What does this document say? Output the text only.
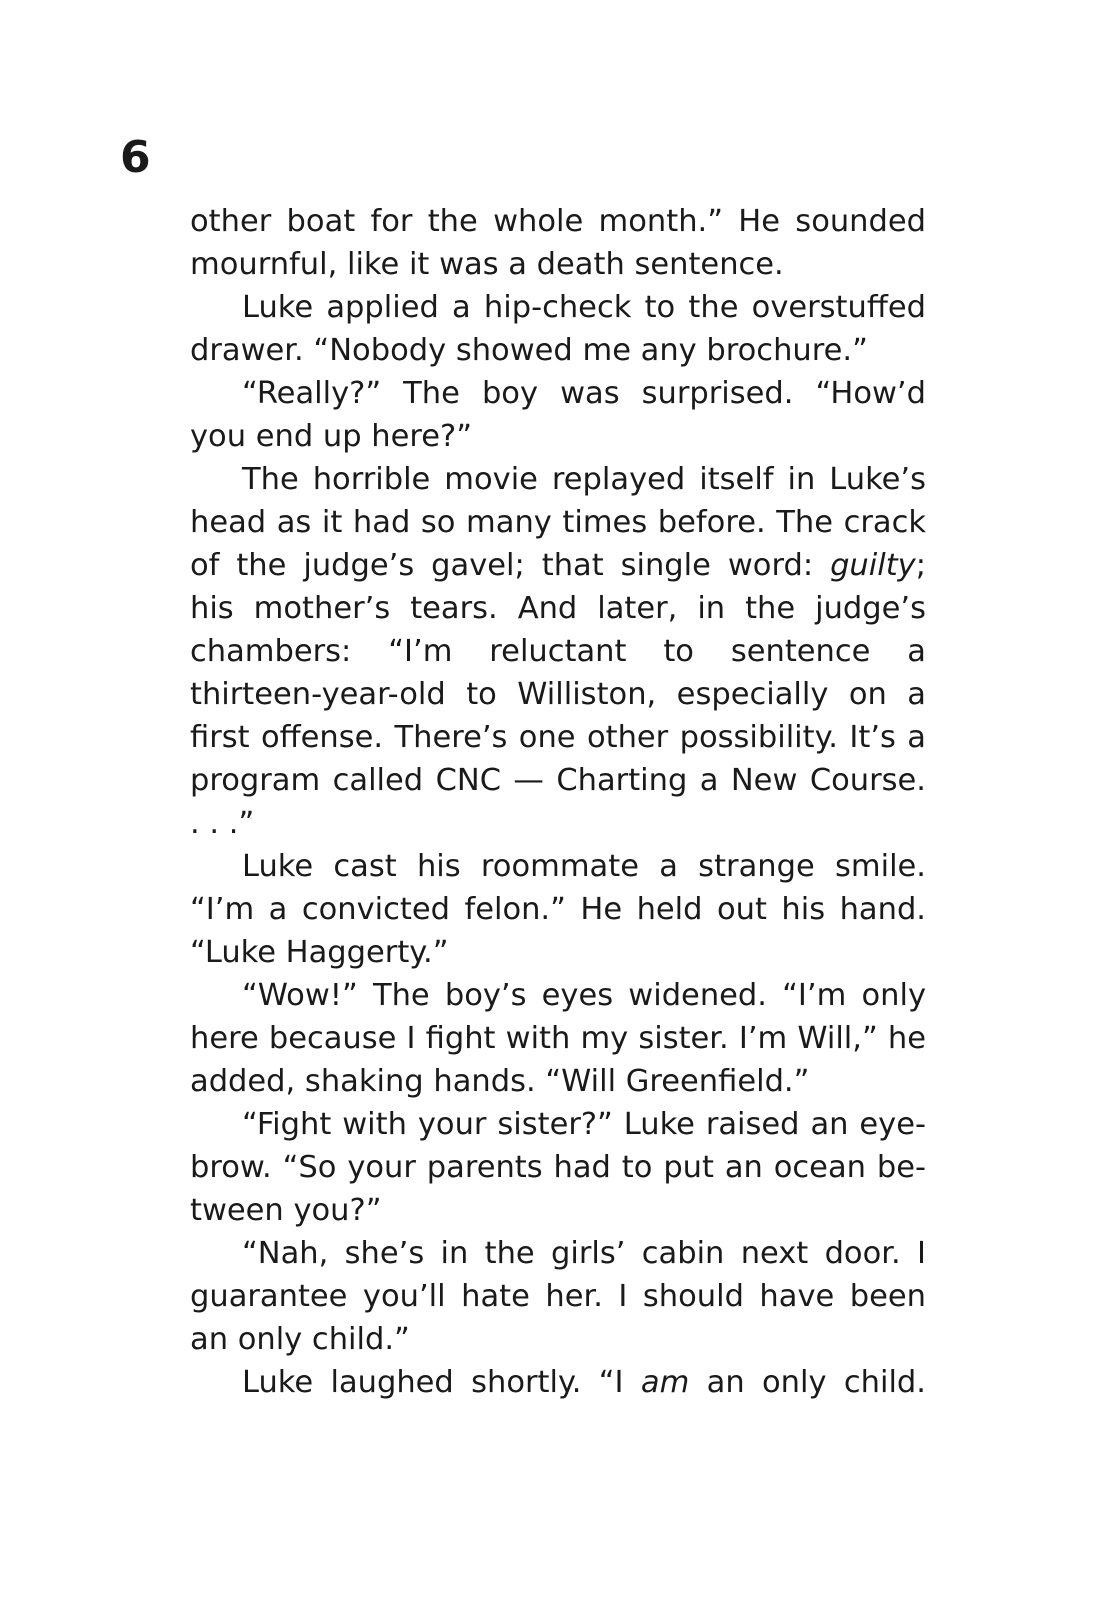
6

other boat for the whole month.” He sounded mournful, like it was a death sentence.

Luke applied a hip-check to the overstuffed drawer. “Nobody showed me any brochure.”

“Really?” The boy was surprised. “How’d you end up here?”

The horrible movie replayed itself in Luke’s head as it had so many times before. The crack of the judge’s gavel; that single word: guilty; his mother’s tears. And later, in the judge’s chambers: “I’m reluctant to sentence a thirteen-year-old to Williston, especially on a first offense. There’s one other possibility. It’s a program called CNC — Charting a New Course. . . .”

Luke cast his roommate a strange smile. “I’m a convicted felon.” He held out his hand. “Luke Haggerty.”

“Wow!” The boy’s eyes widened. “I’m only here because I fight with my sister. I’m Will,” he added, shaking hands. “Will Greenfield.”

“Fight with your sister?” Luke raised an eyebrow. “So your parents had to put an ocean between you?”

“Nah, she’s in the girls’ cabin next door. I guarantee you’ll hate her. I should have been an only child.”

Luke laughed shortly. “I am an only child.
